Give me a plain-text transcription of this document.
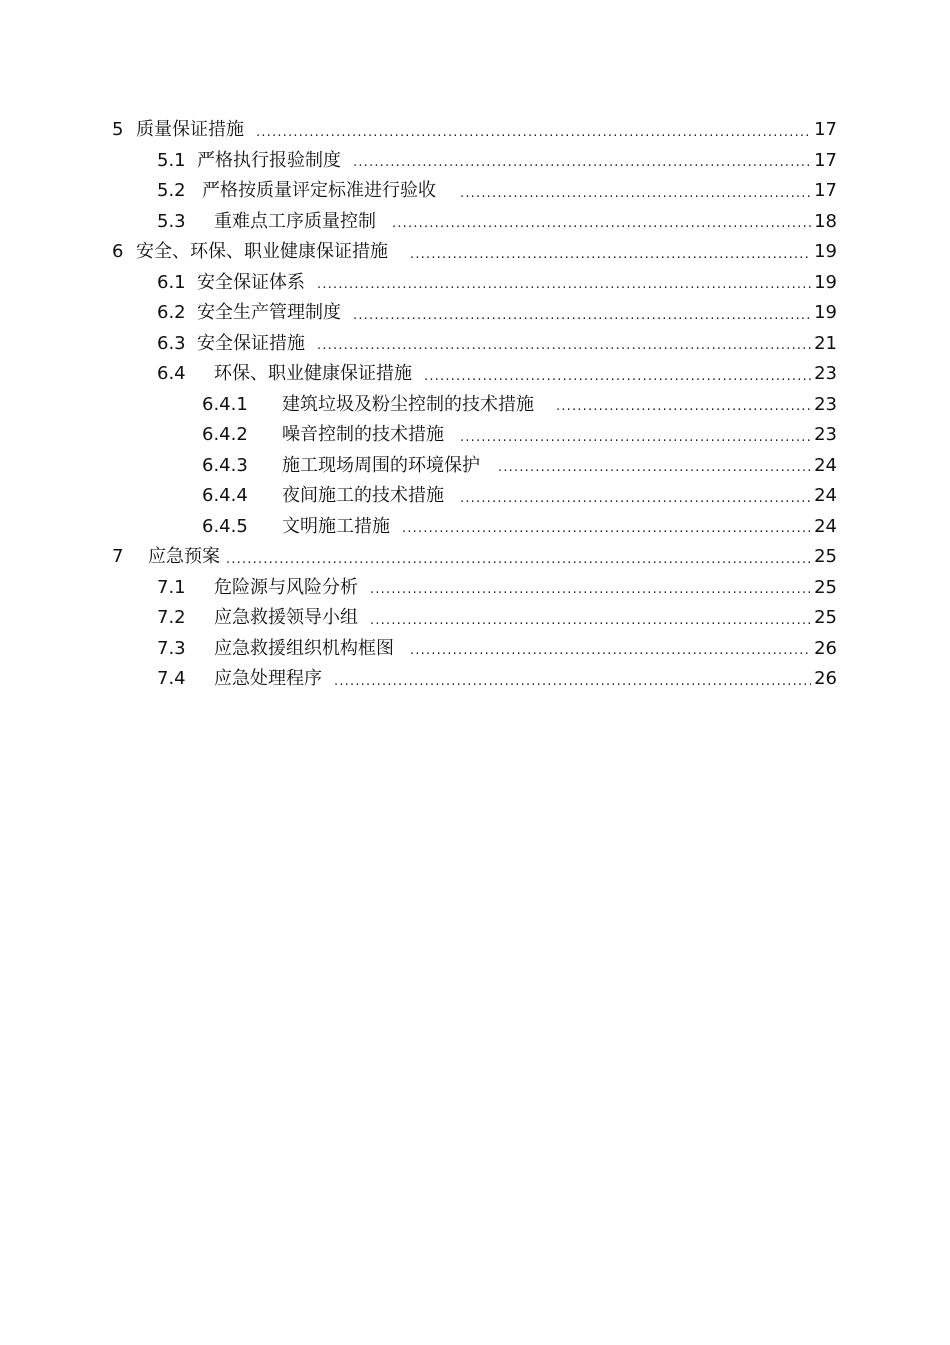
5 质量保证措施 .....	17
5.1 严格执行报验制度 .....	17
5.2 严格按质量评定标准进行验收 .....	17
5.3	重难点工序质量控制 .....	18
6 安全、环保、职业健康保证措施 .....	19
6.1 安全保证体系 .....	19
6.2 安全生产管理制度 .....	19
6.3 安全保证措施 .....	21
6.4	环保、职业健康保证措施 .....	23
6.4.1	建筑垃圾及粉尘控制的技术措施 .....	23
6.4.2	噪音控制的技术措施 .....	23
6.4.3	施工现场周围的环境保护 .....	24
6.4.4	夜间施工的技术措施 .....	24
6.4.5	文明施工措施 .....	24
7	应急预案 .....	25
7.1	危险源与风险分析 .....	25
7.2	应急救援领导小组 .....	25
7.3	应急救援组织机构框图 .....	26
7.4	应急处理程序 .....	26
